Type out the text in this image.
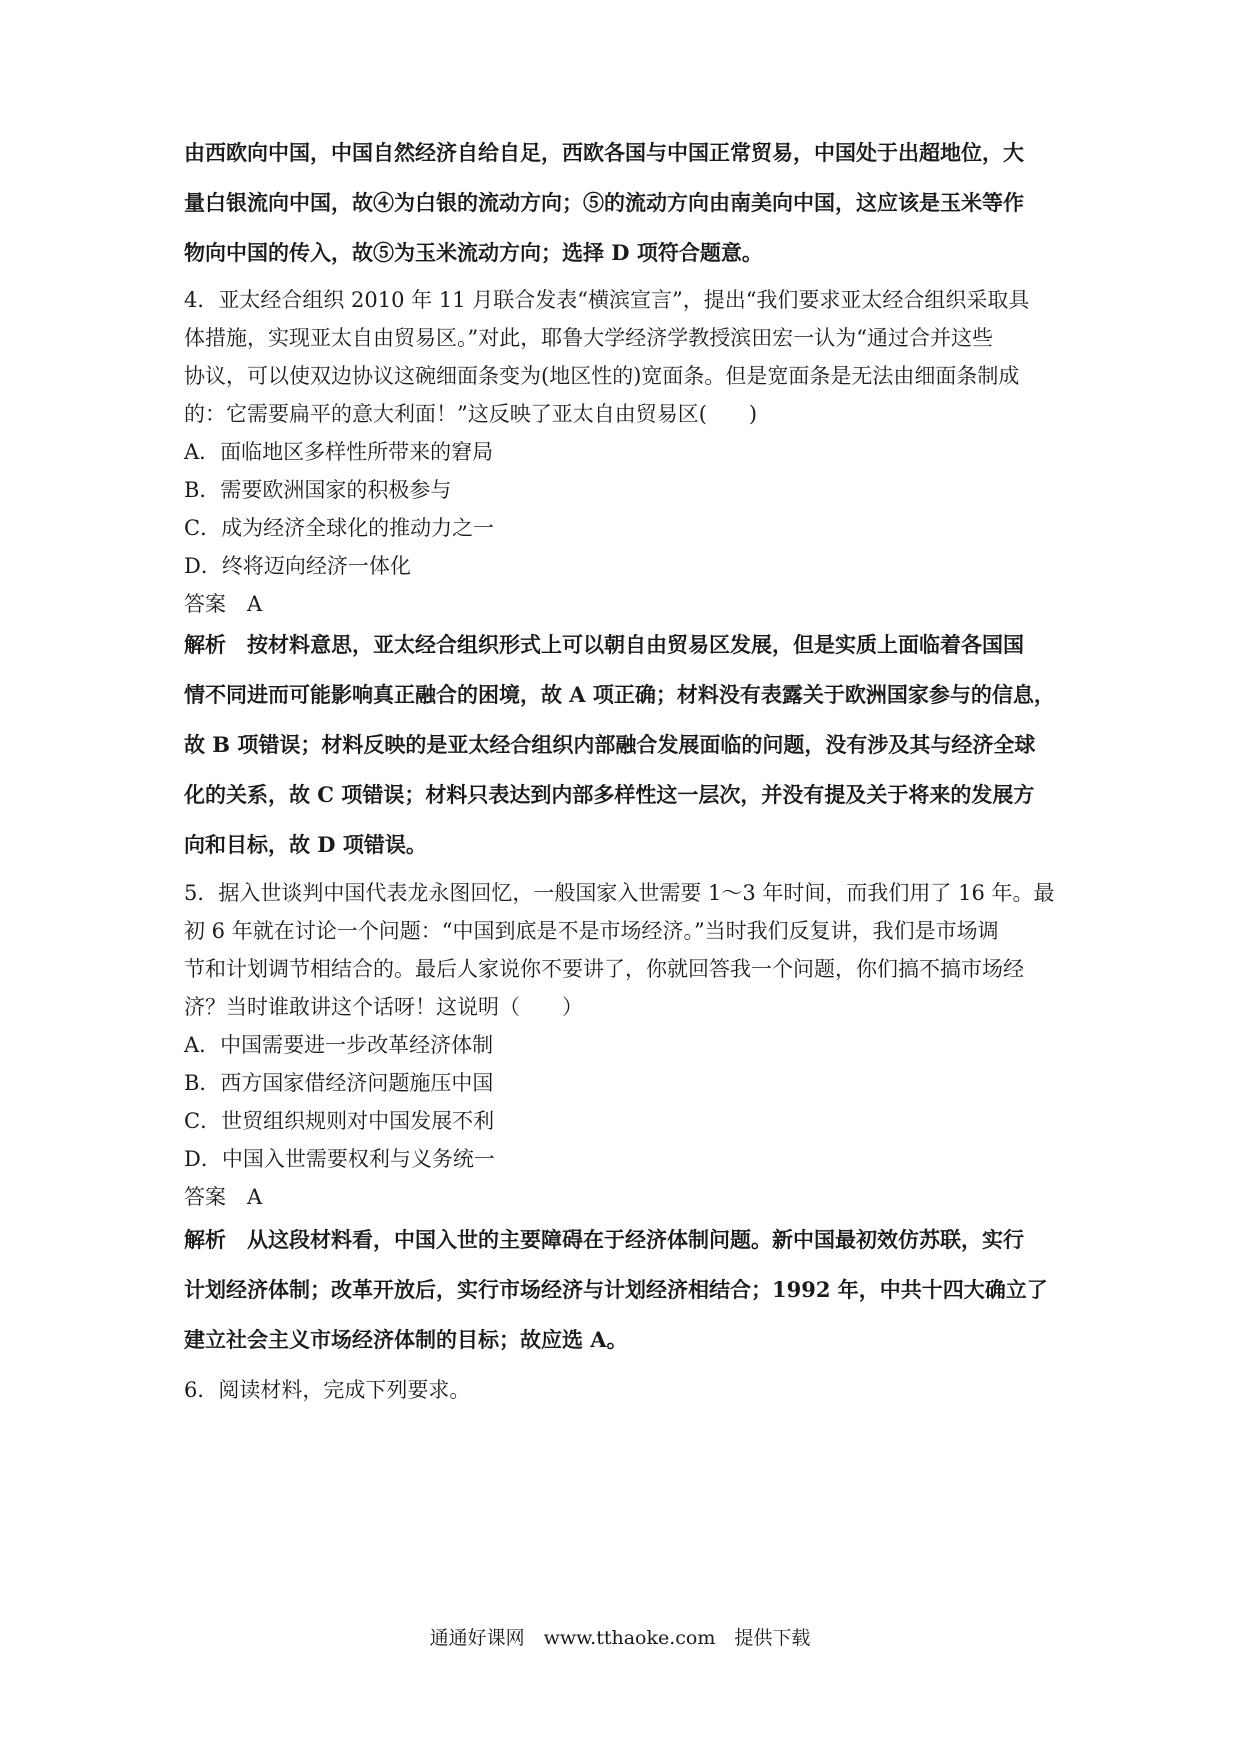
由西欧向中国，中国自然经济自给自足，西欧各国与中国正常贸易，中国处于出超地位，大
量白银流向中国，故④为白银的流动方向；⑤的流动方向由南美向中国，这应该是玉米等作
物向中国的传入，故⑤为玉米流动方向；选择 D 项符合题意。
4．亚太经合组织 2010 年 11 月联合发表“横滨宣言”，提出“我们要求亚太经合组织采取具
体措施，实现亚太自由贸易区。”对此，耶鲁大学经济学教授滨田宏一认为“通过合并这些
协议，可以使双边协议这碗细面条变为(地区性的)宽面条。但是宽面条是无法由细面条制成
的：它需要扁平的意大利面！”这反映了亚太自由贸易区(　　)
A．面临地区多样性所带来的窘局
B．需要欧洲国家的积极参与
C．成为经济全球化的推动力之一
D．终将迈向经济一体化
答案　A
解析　按材料意思，亚太经合组织形式上可以朝自由贸易区发展，但是实质上面临着各国国
情不同进而可能影响真正融合的困境，故 A 项正确；材料没有表露关于欧洲国家参与的信息，
故 B 项错误；材料反映的是亚太经合组织内部融合发展面临的问题，没有涉及其与经济全球
化的关系，故 C 项错误；材料只表达到内部多样性这一层次，并没有提及关于将来的发展方
向和目标，故 D 项错误。
5．据入世谈判中国代表龙永图回忆，一般国家入世需要 1～3 年时间，而我们用了 16 年。最
初 6 年就在讨论一个问题：“中国到底是不是市场经济。”当时我们反复讲，我们是市场调
节和计划调节相结合的。最后人家说你不要讲了，你就回答我一个问题，你们搞不搞市场经
济？当时谁敢讲这个话呀！这说明（　　）
A．中国需要进一步改革经济体制
B．西方国家借经济问题施压中国
C．世贸组织规则对中国发展不利
D．中国入世需要权利与义务统一
答案　A
解析　从这段材料看，中国入世的主要障碍在于经济体制问题。新中国最初效仿苏联，实行
计划经济体制；改革开放后，实行市场经济与计划经济相结合；1992 年，中共十四大确立了
建立社会主义市场经济体制的目标；故应选 A。
6．阅读材料，完成下列要求。
通通好课网　www.tthaoke.com　提供下载
